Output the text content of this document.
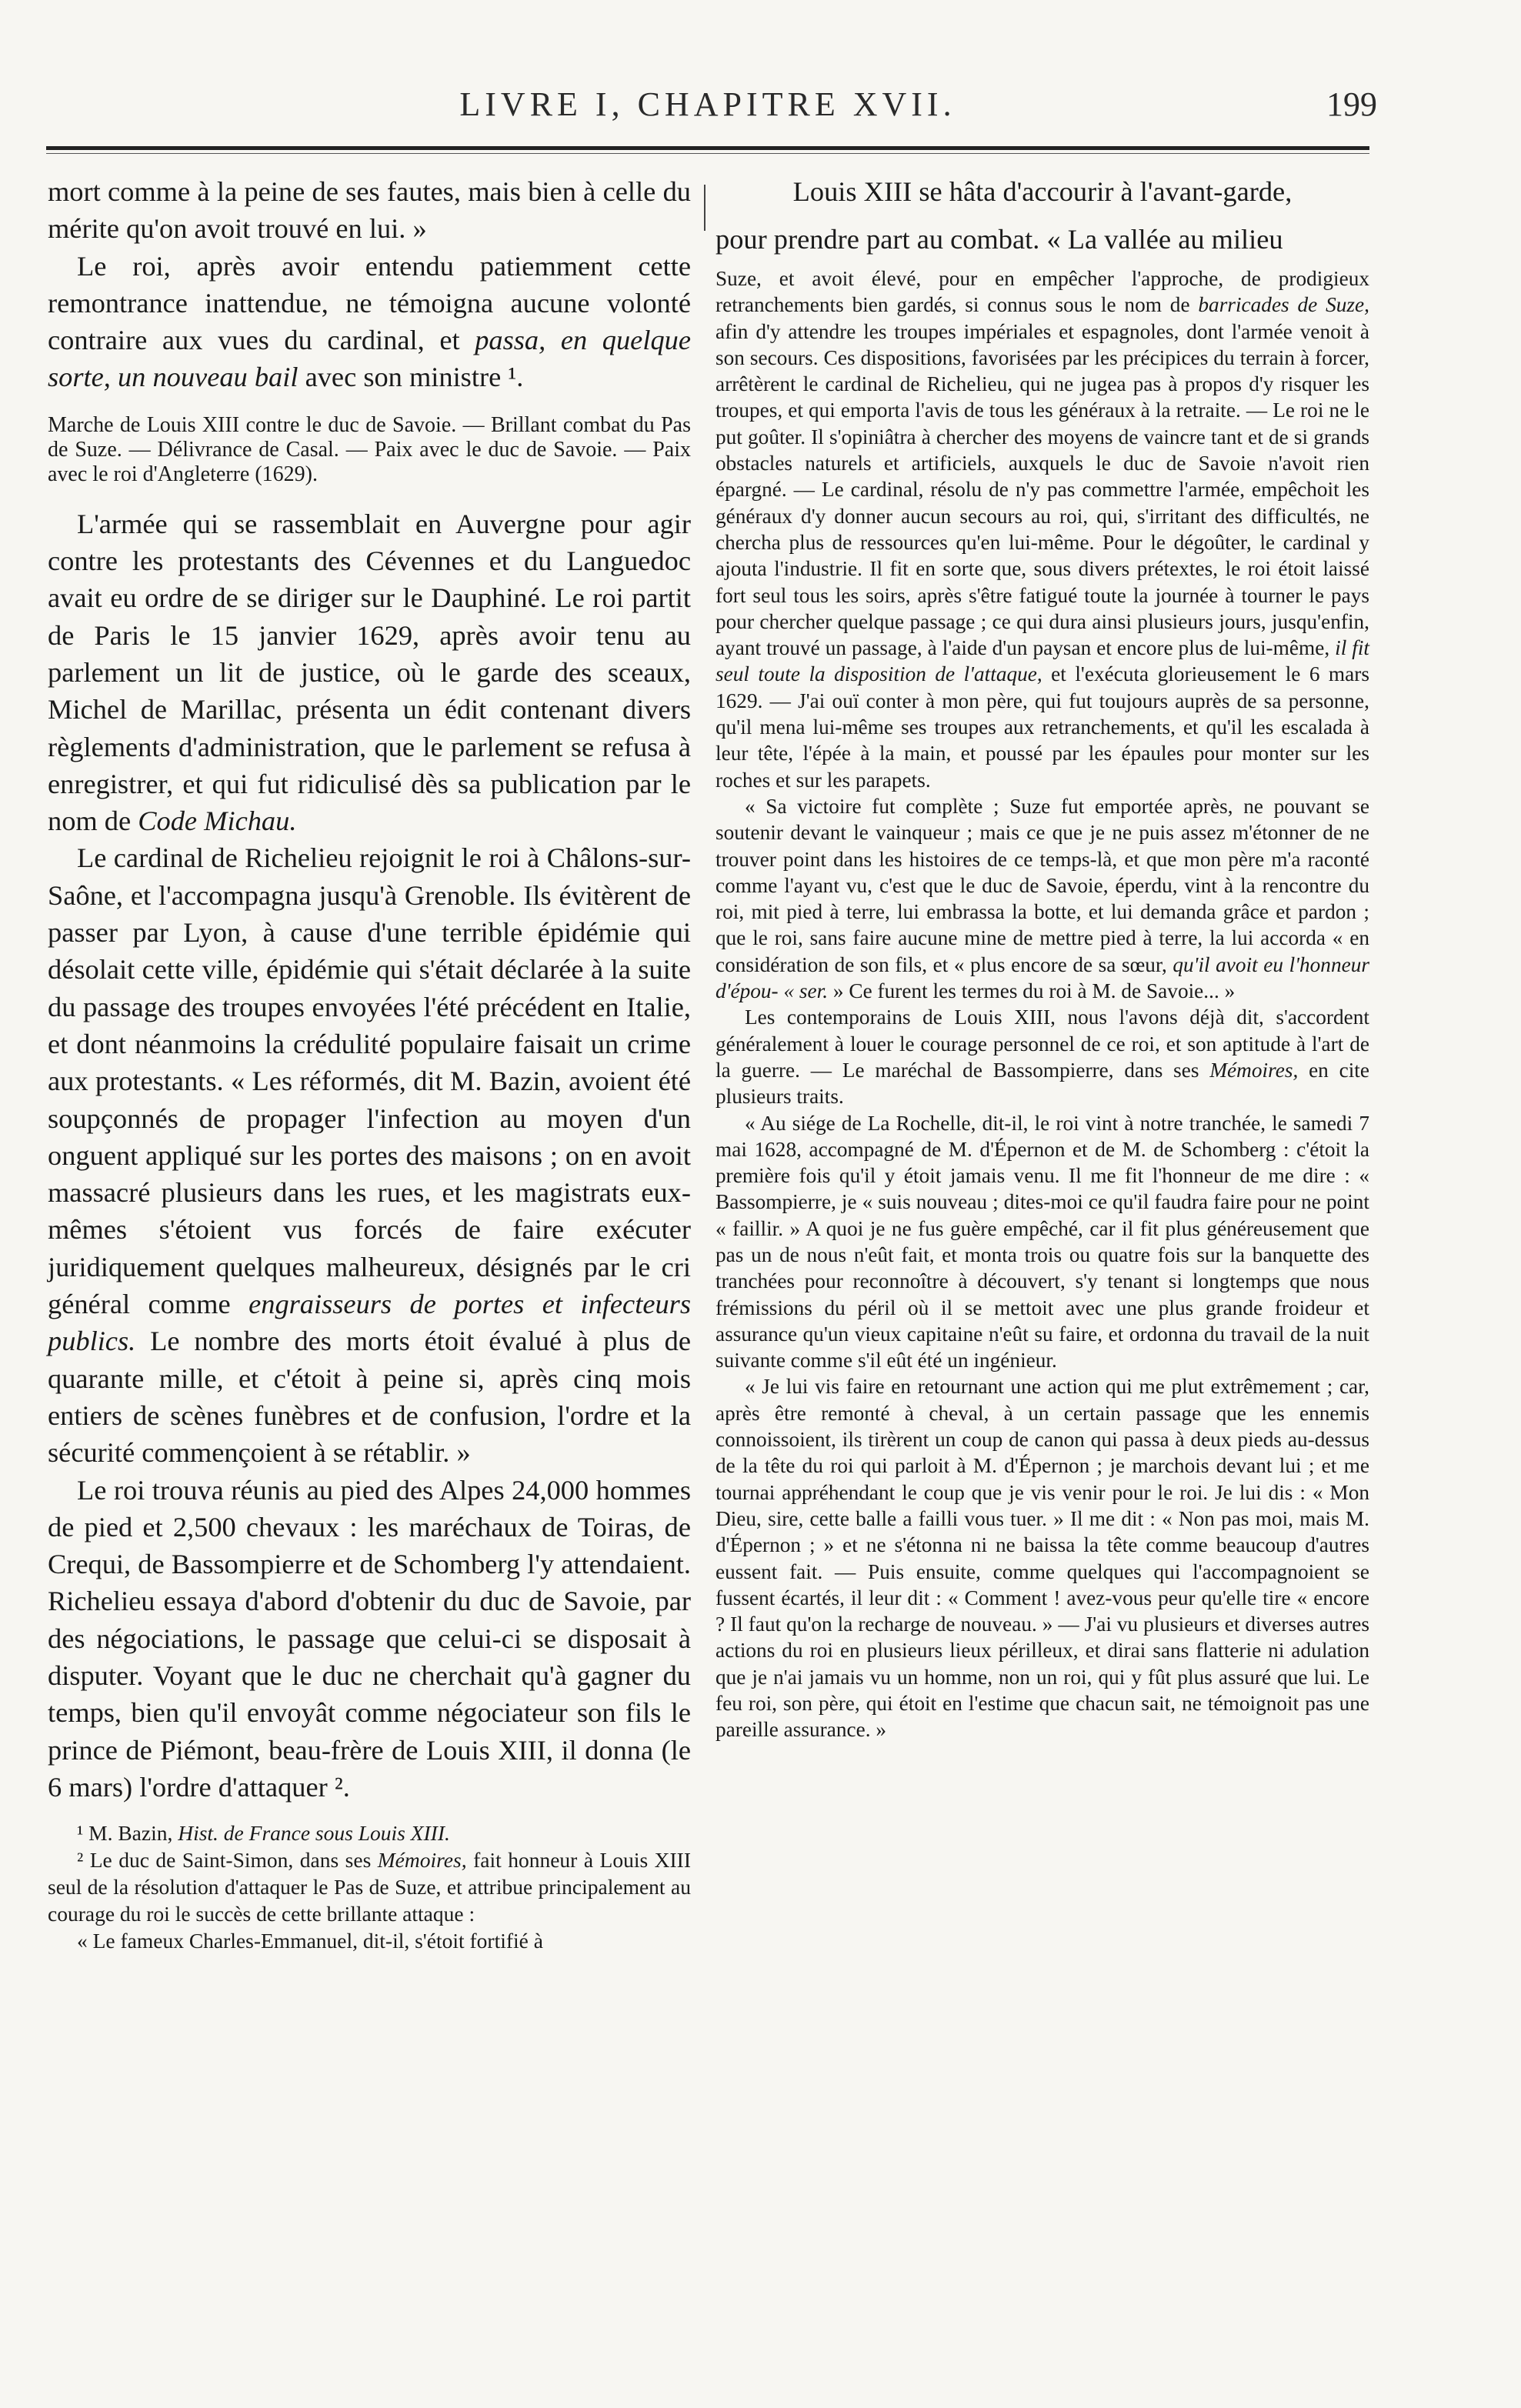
LIVRE I, CHAPITRE XVII.	199

mort comme à la peine de ses fautes, mais bien à celle du mérite qu'on avoit trouvé en lui. »

Le roi, après avoir entendu patiemment cette remontrance inattendue, ne témoigna aucune volonté contraire aux vues du cardinal, et passa, en quelque sorte, un nouveau bail avec son ministre ¹.

Marche de Louis XIII contre le duc de Savoie. — Brillant combat du Pas de Suze. — Délivrance de Casal. — Paix avec le duc de Savoie. — Paix avec le roi d'Angleterre (1629).

L'armée qui se rassemblait en Auvergne pour agir contre les protestants des Cévennes et du Languedoc avait eu ordre de se diriger sur le Dauphiné. Le roi partit de Paris le 15 janvier 1629, après avoir tenu au parlement un lit de justice, où le garde des sceaux, Michel de Marillac, présenta un édit contenant divers règlements d'administration, que le parlement se refusa à enregistrer, et qui fut ridiculisé dès sa publication par le nom de Code Michau.

Le cardinal de Richelieu rejoignit le roi à Châlons-sur-Saône, et l'accompagna jusqu'à Grenoble. Ils évitèrent de passer par Lyon, à cause d'une terrible épidémie qui désolait cette ville, épidémie qui s'était déclarée à la suite du passage des troupes envoyées l'été précédent en Italie, et dont néanmoins la crédulité populaire faisait un crime aux protestants. « Les réformés, dit M. Bazin, avoient été soupçonnés de propager l'infection au moyen d'un onguent appliqué sur les portes des maisons ; on en avoit massacré plusieurs dans les rues, et les magistrats eux-mêmes s'étoient vus forcés de faire exécuter juridiquement quelques malheureux, désignés par le cri général comme engraisseurs de portes et infecteurs publics. Le nombre des morts étoit évalué à plus de quarante mille, et c'étoit à peine si, après cinq mois entiers de scènes funèbres et de confusion, l'ordre et la sécurité commençoient à se rétablir. »

Le roi trouva réunis au pied des Alpes 24,000 hommes de pied et 2,500 chevaux : les maréchaux de Toiras, de Crequi, de Bassompierre et de Schomberg l'y attendaient. Richelieu essaya d'abord d'obtenir du duc de Savoie, par des négociations, le passage que celui-ci se disposait à disputer. Voyant que le duc ne cherchait qu'à gagner du temps, bien qu'il envoyât comme négociateur son fils le prince de Piémont, beau-frère de Louis XIII, il donna (le 6 mars) l'ordre d'attaquer ².

¹ M. Bazin, Hist. de France sous Louis XIII.

² Le duc de Saint-Simon, dans ses Mémoires, fait honneur à Louis XIII seul de la résolution d'attaquer le Pas de Suze, et attribue principalement au courage du roi le succès de cette brillante attaque :

« Le fameux Charles-Emmanuel, dit-il, s'étoit fortifié à

Louis XIII se hâta d'accourir à l'avant-garde,

pour prendre part au combat. « La vallée au milieu

Suze, et avoit élevé, pour en empêcher l'approche, de prodigieux retranchements bien gardés, si connus sous le nom de barricades de Suze, afin d'y attendre les troupes impériales et espagnoles, dont l'armée venoit à son secours. Ces dispositions, favorisées par les précipices du terrain à forcer, arrêtèrent le cardinal de Richelieu, qui ne jugea pas à propos d'y risquer les troupes, et qui emporta l'avis de tous les généraux à la retraite. — Le roi ne le put goûter. Il s'opiniâtra à chercher des moyens de vaincre tant et de si grands obstacles naturels et artificiels, auxquels le duc de Savoie n'avoit rien épargné. — Le cardinal, résolu de n'y pas commettre l'armée, empêchoit les généraux d'y donner aucun secours au roi, qui, s'irritant des difficultés, ne chercha plus de ressources qu'en lui-même. Pour le dégoûter, le cardinal y ajouta l'industrie. Il fit en sorte que, sous divers prétextes, le roi étoit laissé fort seul tous les soirs, après s'être fatigué toute la journée à tourner le pays pour chercher quelque passage ; ce qui dura ainsi plusieurs jours, jusqu'enfin, ayant trouvé un passage, à l'aide d'un paysan et encore plus de lui-même, il fit seul toute la disposition de l'attaque, et l'exécuta glorieusement le 6 mars 1629. — J'ai ouï conter à mon père, qui fut toujours auprès de sa personne, qu'il mena lui-même ses troupes aux retranchements, et qu'il les escalada à leur tête, l'épée à la main, et poussé par les épaules pour monter sur les roches et sur les parapets.

« Sa victoire fut complète ; Suze fut emportée après, ne pouvant se soutenir devant le vainqueur ; mais ce que je ne puis assez m'étonner de ne trouver point dans les histoires de ce temps-là, et que mon père m'a raconté comme l'ayant vu, c'est que le duc de Savoie, éperdu, vint à la rencontre du roi, mit pied à terre, lui embrassa la botte, et lui demanda grâce et pardon ; que le roi, sans faire aucune mine de mettre pied à terre, la lui accorda « en considération de son fils, et « plus encore de sa sœur, qu'il avoit eu l'honneur d'épou- « ser. » Ce furent les termes du roi à M. de Savoie... »

Les contemporains de Louis XIII, nous l'avons déjà dit, s'accordent généralement à louer le courage personnel de ce roi, et son aptitude à l'art de la guerre. — Le maréchal de Bassompierre, dans ses Mémoires, en cite plusieurs traits.

« Au siége de La Rochelle, dit-il, le roi vint à notre tranchée, le samedi 7 mai 1628, accompagné de M. d'Épernon et de M. de Schomberg : c'étoit la première fois qu'il y étoit jamais venu. Il me fit l'honneur de me dire : « Bassompierre, je « suis nouveau ; dites-moi ce qu'il faudra faire pour ne point « faillir. » A quoi je ne fus guère empêché, car il fit plus généreusement que pas un de nous n'eût fait, et monta trois ou quatre fois sur la banquette des tranchées pour reconnoître à découvert, s'y tenant si longtemps que nous frémissions du péril où il se mettoit avec une plus grande froideur et assurance qu'un vieux capitaine n'eût su faire, et ordonna du travail de la nuit suivante comme s'il eût été un ingénieur.

« Je lui vis faire en retournant une action qui me plut extrêmement ; car, après être remonté à cheval, à un certain passage que les ennemis connoissoient, ils tirèrent un coup de canon qui passa à deux pieds au-dessus de la tête du roi qui parloit à M. d'Épernon ; je marchois devant lui ; et me tournai appréhendant le coup que je vis venir pour le roi. Je lui dis : « Mon Dieu, sire, cette balle a failli vous tuer. » Il me dit : « Non pas moi, mais M. d'Épernon ; » et ne s'étonna ni ne baissa la tête comme beaucoup d'autres eussent fait. — Puis ensuite, comme quelques qui l'accompagnoient se fussent écartés, il leur dit : « Comment ! avez-vous peur qu'elle tire « encore ? Il faut qu'on la recharge de nouveau. » — J'ai vu plusieurs et diverses autres actions du roi en plusieurs lieux périlleux, et dirai sans flatterie ni adulation que je n'ai jamais vu un homme, non un roi, qui y fût plus assuré que lui. Le feu roi, son père, qui étoit en l'estime que chacun sait, ne témoignoit pas une pareille assurance. »
